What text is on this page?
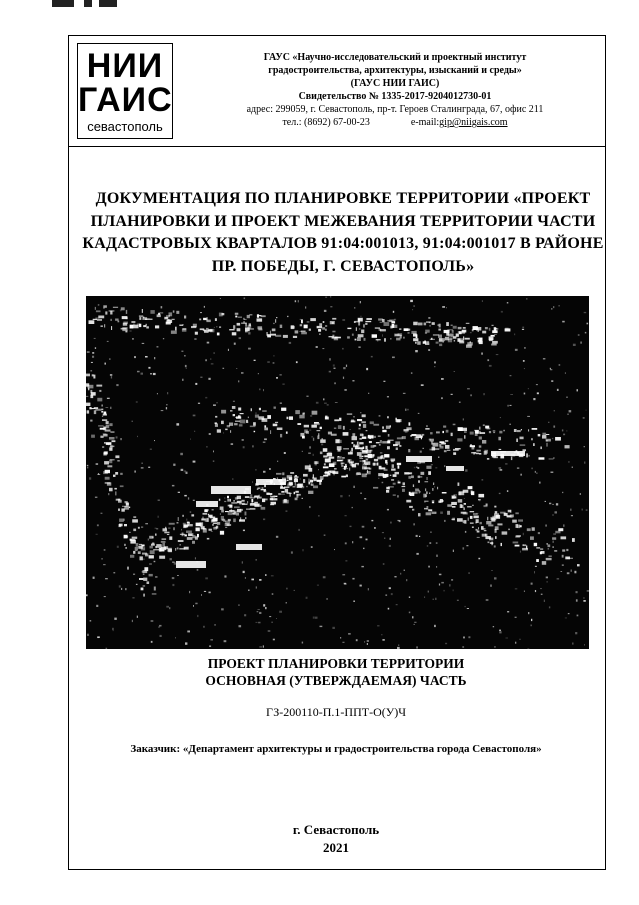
НИИ
ГАИС
севастополь
ГАУС «Научно-исследовательский и проектный институт
градостроительства, архитектуры, изысканий и среды»
(ГАУС НИИ ГАИС)
Свидетельство № 1335-2017-9204012730-01
адрес: 299059, г. Севастополь, пр-т. Героев Сталинграда, 67, офис 211
тел.: (8692) 67-00-23	e-mail:gip@niigais.com
ДОКУМЕНТАЦИЯ ПО ПЛАНИРОВКЕ ТЕРРИТОРИИ «ПРОЕКТ
ПЛАНИРОВКИ И ПРОЕКТ МЕЖЕВАНИЯ ТЕРРИТОРИИ ЧАСТИ
КАДАСТРОВЫХ КВАРТАЛОВ 91:04:001013, 91:04:001017 В РАЙОНЕ
ПР. ПОБЕДЫ, Г. СЕВАСТОПОЛЬ»
ПРОЕКТ ПЛАНИРОВКИ ТЕРРИТОРИИ
ОСНОВНАЯ (УТВЕРЖДАЕМАЯ) ЧАСТЬ
ГЗ-200110-П.1-ППТ-О(У)Ч
Заказчик: «Департамент архитектуры и градостроительства города Севастополя»
г. Севастополь
2021
